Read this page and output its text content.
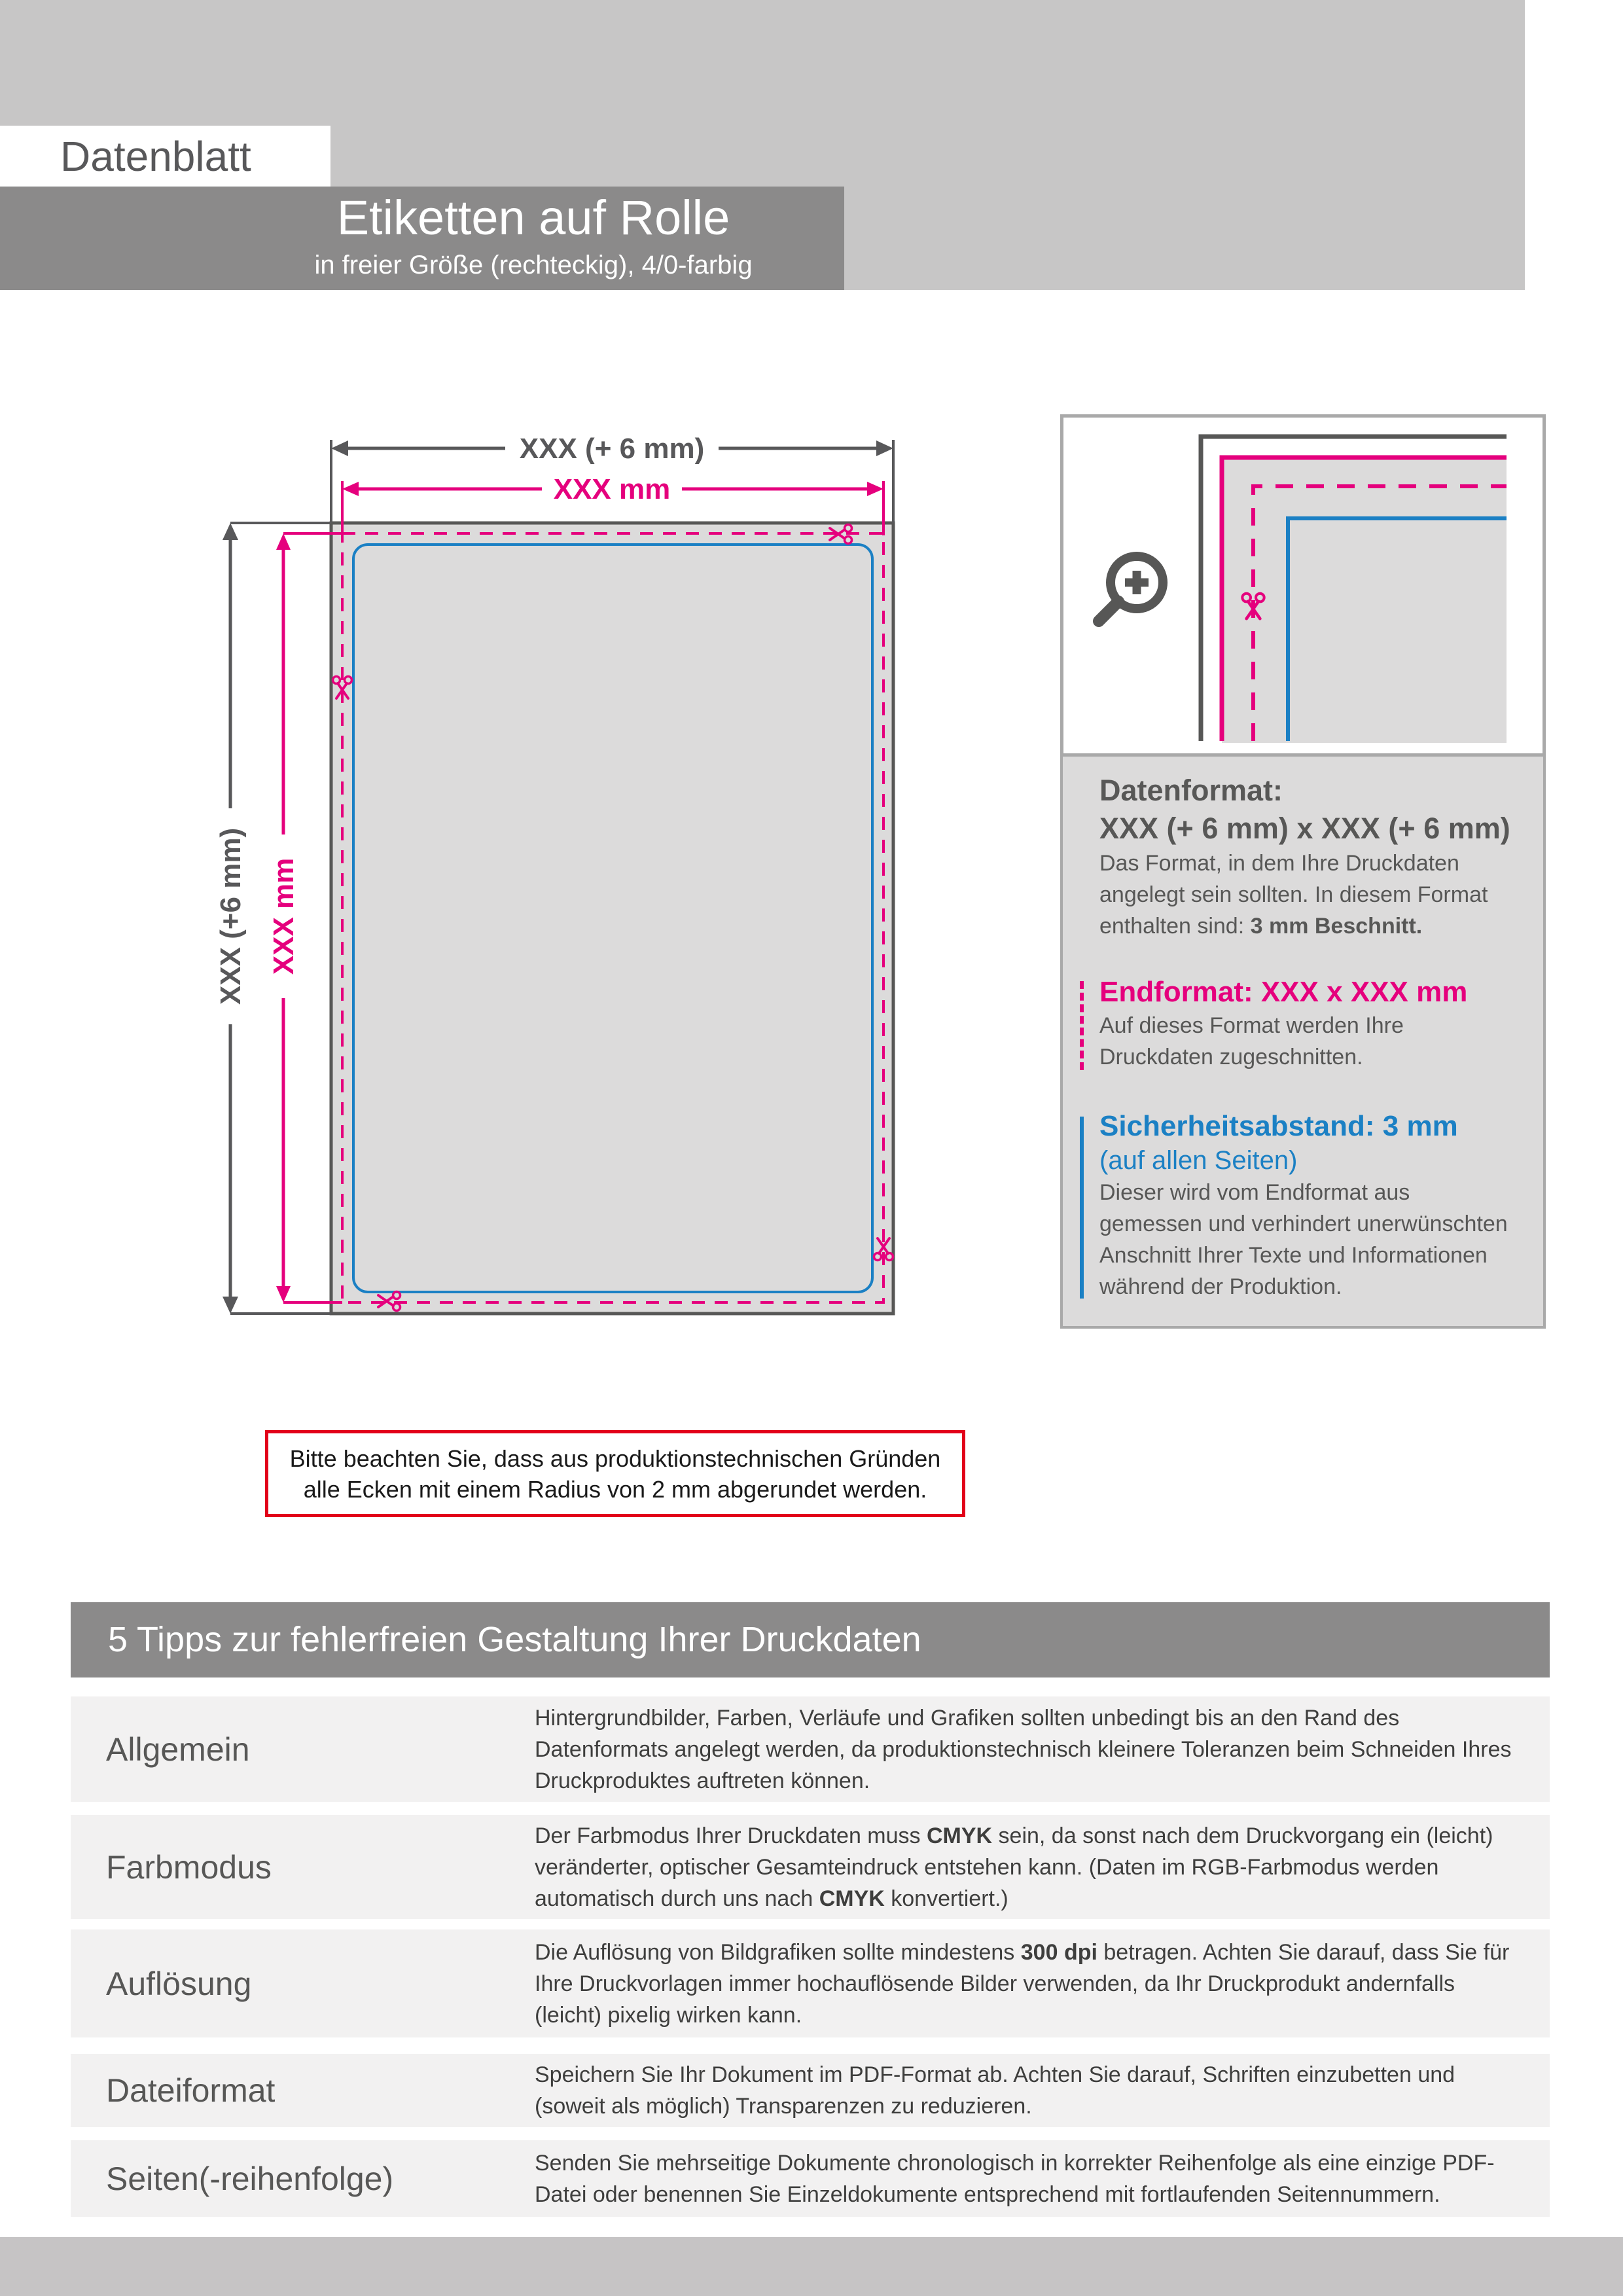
Datenblatt
Etiketten auf Rolle
in freier Größe (rechteckig), 4/0-farbig
XXX (+ 6 mm)
XXX mm
XXX (+6 mm) XXX mm
Datenformat:
XXX (+ 6 mm) x XXX (+ 6 mm)
Das Format, in dem Ihre Druckdaten angelegt sein sollten. In diesem Format enthalten sind: 3 mm Beschnitt.
Endformat: XXX x XXX mm
Auf dieses Format werden Ihre Druckdaten zugeschnitten.
Sicherheitsabstand: 3 mm
(auf allen Seiten)
Dieser wird vom Endformat aus gemessen und verhindert unerwünschten Anschnitt Ihrer Texte und Informationen während der Produktion.
Bitte beachten Sie, dass aus produktionstechnischen Gründen
alle Ecken mit einem Radius von 2 mm abgerundet werden.
5 Tipps zur fehlerfreien Gestaltung Ihrer Druckdaten
Allgemein
Hintergrundbilder, Farben, Verläufe und Grafiken sollten unbedingt bis an den Rand des Datenformats angelegt werden, da produktionstechnisch kleinere Toleranzen beim Schneiden Ihres Druckproduktes auftreten können.
Farbmodus
Der Farbmodus Ihrer Druckdaten muss CMYK sein, da sonst nach dem Druckvorgang ein (leicht) veränderter, optischer Gesamteindruck entstehen kann. (Daten im RGB-Farbmodus werden automatisch durch uns nach CMYK konvertiert.)
Auflösung
Die Auflösung von Bildgrafiken sollte mindestens 300 dpi betragen. Achten Sie darauf, dass Sie für Ihre Druckvorlagen immer hochauflösende Bilder verwenden, da Ihr Druckprodukt andernfalls (leicht) pixelig wirken kann.
Dateiformat	Speichern Sie Ihr Dokument im PDF-Format ab. Achten Sie darauf, Schriften einzubetten und (soweit als möglich) Transparenzen zu reduzieren.
Seiten(-reihenfolge)	Senden Sie mehrseitige Dokumente chronologisch in korrekter Reihenfolge als eine einzige PDF-Datei oder benennen Sie Einzeldokumente entsprechend mit fortlaufenden Seitennummern.
